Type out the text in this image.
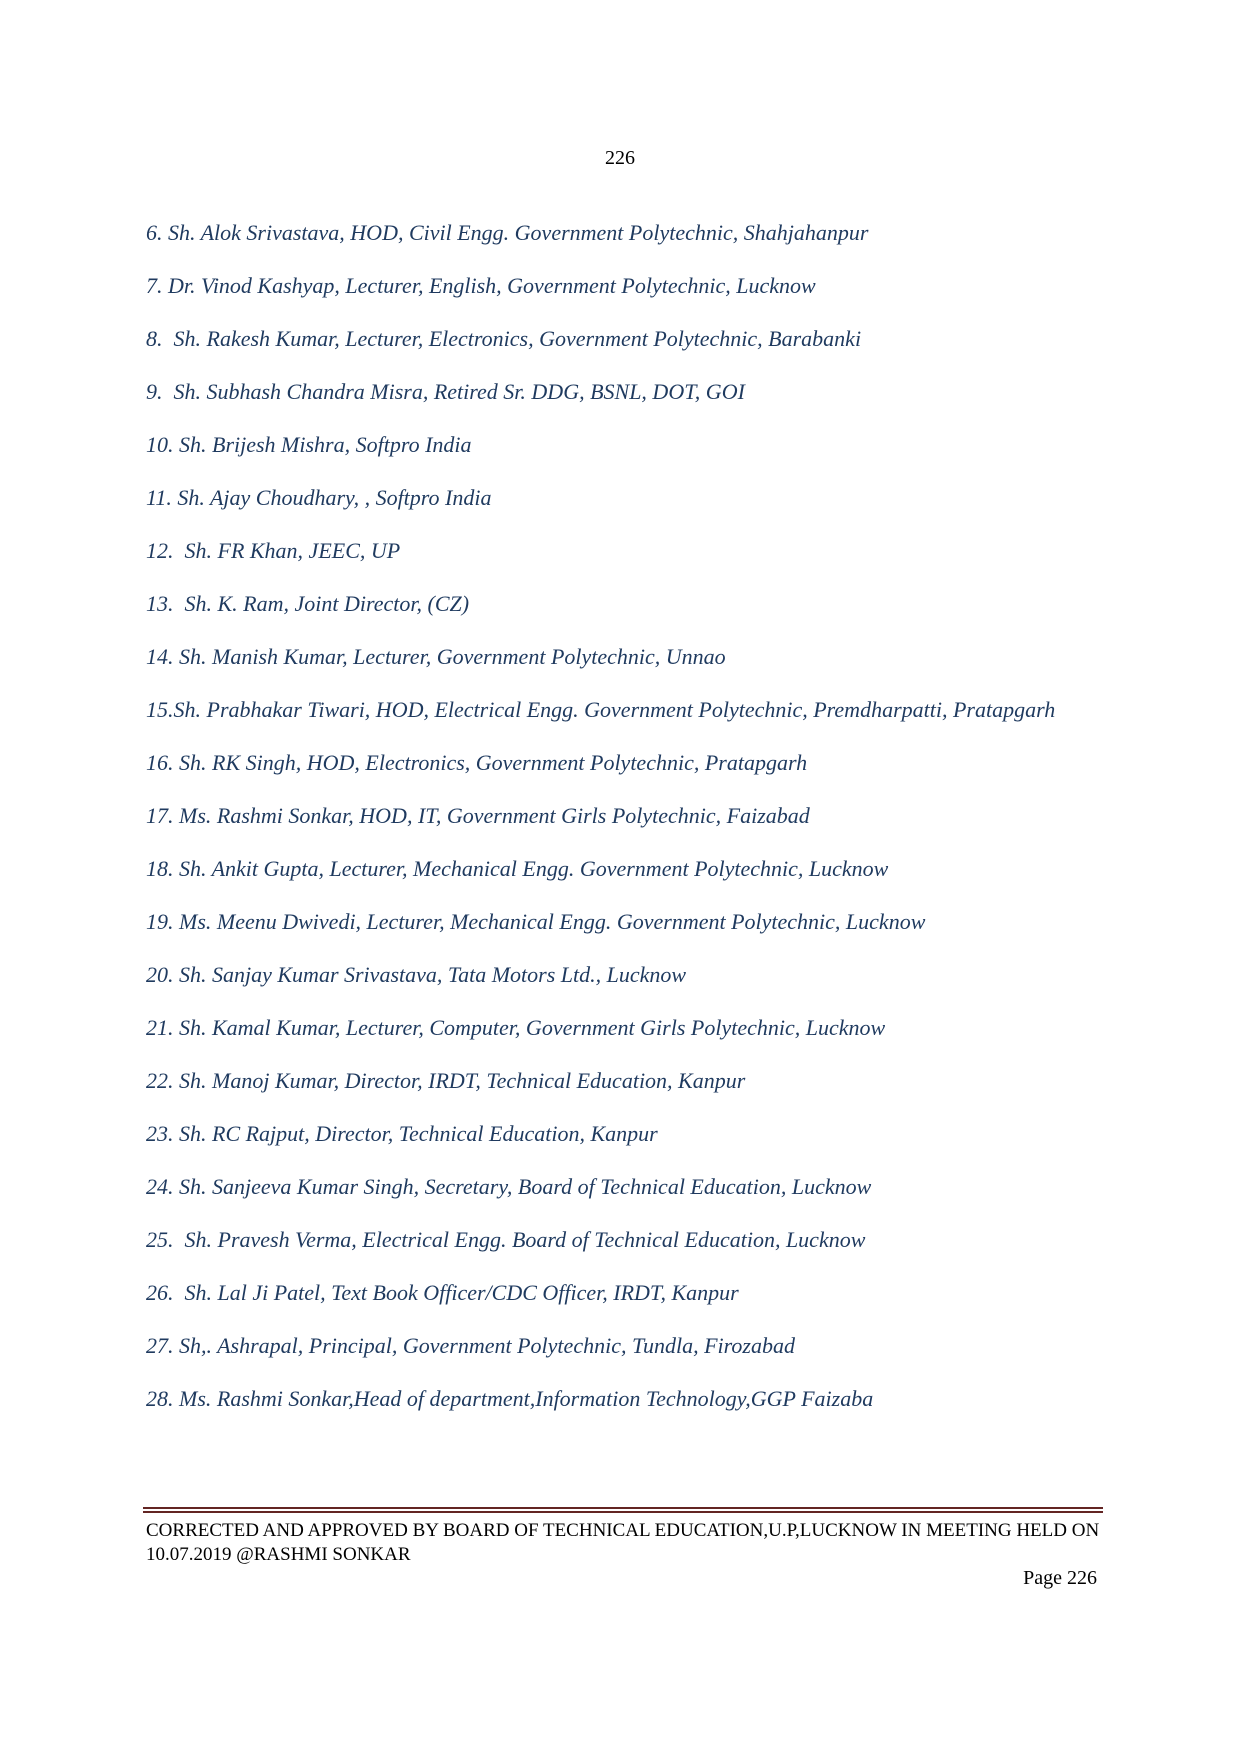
226
6. Sh. Alok Srivastava, HOD, Civil Engg. Government Polytechnic, Shahjahanpur
7. Dr. Vinod Kashyap, Lecturer, English, Government Polytechnic, Lucknow
8.  Sh. Rakesh Kumar, Lecturer, Electronics, Government Polytechnic, Barabanki
9.  Sh. Subhash Chandra Misra, Retired Sr. DDG, BSNL, DOT, GOI
10. Sh. Brijesh Mishra, Softpro India
11. Sh. Ajay Choudhary, , Softpro India
12.  Sh. FR Khan, JEEC, UP
13.  Sh. K. Ram, Joint Director, (CZ)
14. Sh. Manish Kumar, Lecturer, Government Polytechnic, Unnao
15.Sh. Prabhakar Tiwari, HOD, Electrical Engg. Government Polytechnic, Premdharpatti, Pratapgarh
16. Sh. RK Singh, HOD, Electronics, Government Polytechnic, Pratapgarh
17. Ms. Rashmi Sonkar, HOD, IT, Government Girls Polytechnic, Faizabad
18. Sh. Ankit Gupta, Lecturer, Mechanical Engg. Government Polytechnic, Lucknow
19. Ms. Meenu Dwivedi, Lecturer, Mechanical Engg. Government Polytechnic, Lucknow
20. Sh. Sanjay Kumar Srivastava, Tata Motors Ltd., Lucknow
21. Sh. Kamal Kumar, Lecturer, Computer, Government Girls Polytechnic, Lucknow
22. Sh. Manoj Kumar, Director, IRDT, Technical Education, Kanpur
23. Sh. RC Rajput, Director, Technical Education, Kanpur
24. Sh. Sanjeeva Kumar Singh, Secretary, Board of Technical Education, Lucknow
25.  Sh. Pravesh Verma, Electrical Engg. Board of Technical Education, Lucknow
26.  Sh. Lal Ji Patel, Text Book Officer/CDC Officer, IRDT, Kanpur
27. Sh,. Ashrapal, Principal, Government Polytechnic, Tundla, Firozabad
28. Ms. Rashmi Sonkar,Head of department,Information Technology,GGP Faizaba
CORRECTED AND APPROVED BY BOARD OF TECHNICAL EDUCATION,U.P,LUCKNOW IN MEETING HELD ON 10.07.2019 @RASHMI SONKAR
Page 226
